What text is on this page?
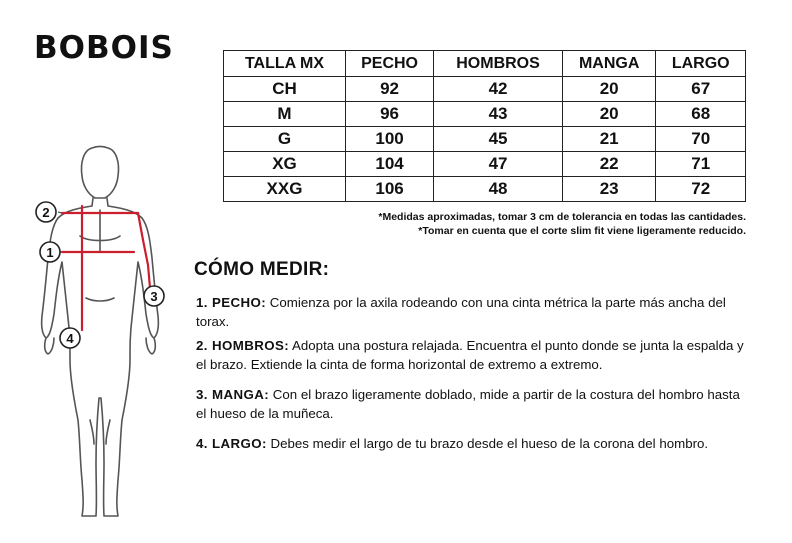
BOBOIS	TALLA MX	PECHO	HOMBROS	MANGA	LARGO
CH	92	42	20	67
M	96	43	20	68
G	100	45	21	70
XG	104	47	22	71
XXG	106	48	23	72
*Medidas aproximadas, tomar 3 cm de tolerancia en todas las cantidades.
*Tomar en cuenta que el corte slim fit viene ligeramente reducido.
CÓMO MEDIR:
1. PECHO: Comienza por la axila rodeando con una cinta métrica la parte más ancha del torax.
2. HOMBROS: Adopta una postura relajada. Encuentra el punto donde se junta la espalda y el brazo. Extiende la cinta de forma horizontal de extremo a extremo.
3. MANGA: Con el brazo ligeramente doblado, mide a partir de la costura del hombro hasta el hueso de la muñeca.
4. LARGO: Debes medir el largo de tu brazo desde el hueso de la corona del hombro.
2
1
3
4
